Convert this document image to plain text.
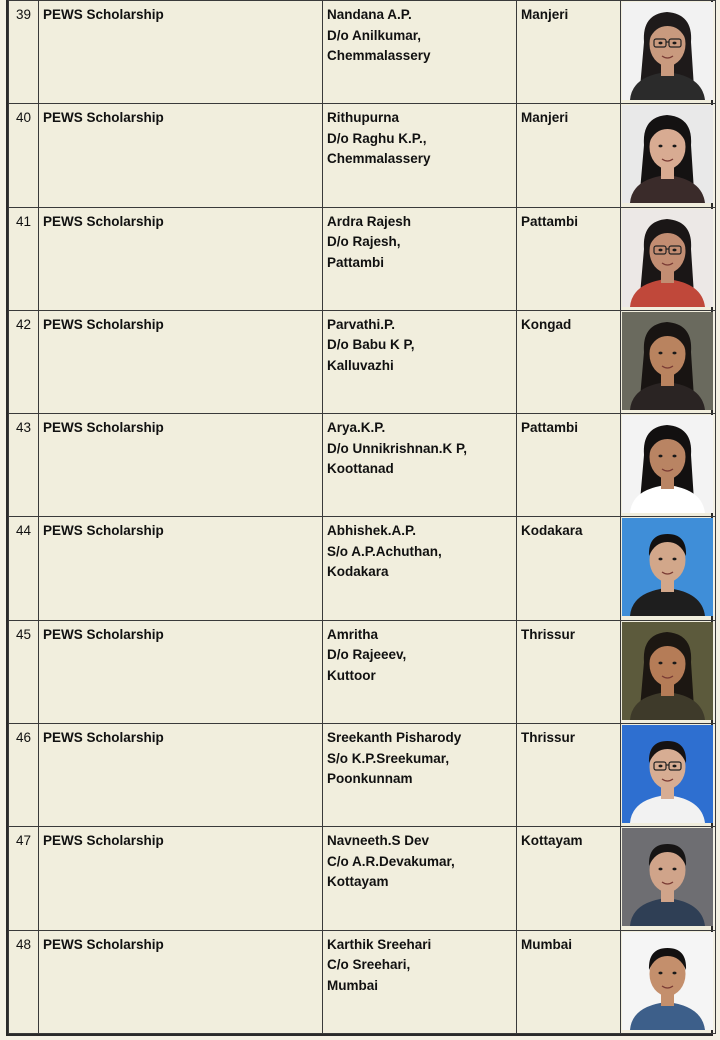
39	PEWS Scholarship	Nandana A.P.
D/o Anilkumar,
Chemmalassery	Manjeri

40	PEWS Scholarship	Rithupurna
D/o Raghu K.P.,
Chemmalassery	Manjeri

41	PEWS Scholarship	Ardra Rajesh
D/o Rajesh,
Pattambi	Pattambi

42	PEWS Scholarship	Parvathi.P.
D/o Babu K P,
Kalluvazhi	Kongad

43	PEWS Scholarship	Arya.K.P.
D/o Unnikrishnan.K P,
Koottanad	Pattambi

44	PEWS Scholarship	Abhishek.A.P.
S/o A.P.Achuthan,
Kodakara	Kodakara

45	PEWS Scholarship	Amritha
D/o Rajeeev,
Kuttoor	Thrissur

46	PEWS Scholarship	Sreekanth Pisharody
S/o K.P.Sreekumar,
Poonkunnam	Thrissur

47	PEWS Scholarship	Navneeth.S Dev
C/o A.R.Devakumar,
Kottayam	Kottayam

48	PEWS Scholarship	Karthik Sreehari
C/o Sreehari,
Mumbai	Mumbai
